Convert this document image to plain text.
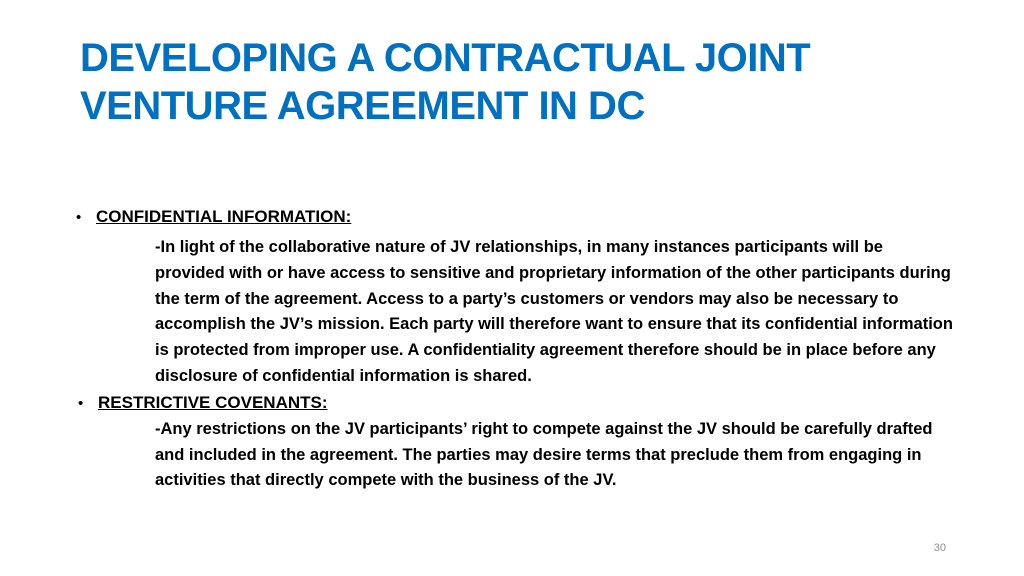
DEVELOPING A CONTRACTUAL JOINT VENTURE AGREEMENT IN DC
• CONFIDENTIAL INFORMATION:
-In light of the collaborative nature of JV relationships, in many instances participants will be provided with or have access to sensitive and proprietary information of the other participants during the term of the agreement. Access to a party’s customers or vendors may also be necessary to accomplish the JV’s mission. Each party will therefore want to ensure that its confidential information is protected from improper use. A confidentiality agreement therefore should be in place before any disclosure of confidential information is shared.
• RESTRICTIVE COVENANTS:
-Any restrictions on the JV participants’ right to compete against the JV should be carefully drafted and included in the agreement. The parties may desire terms that preclude them from engaging in activities that directly compete with the business of the JV.
30
